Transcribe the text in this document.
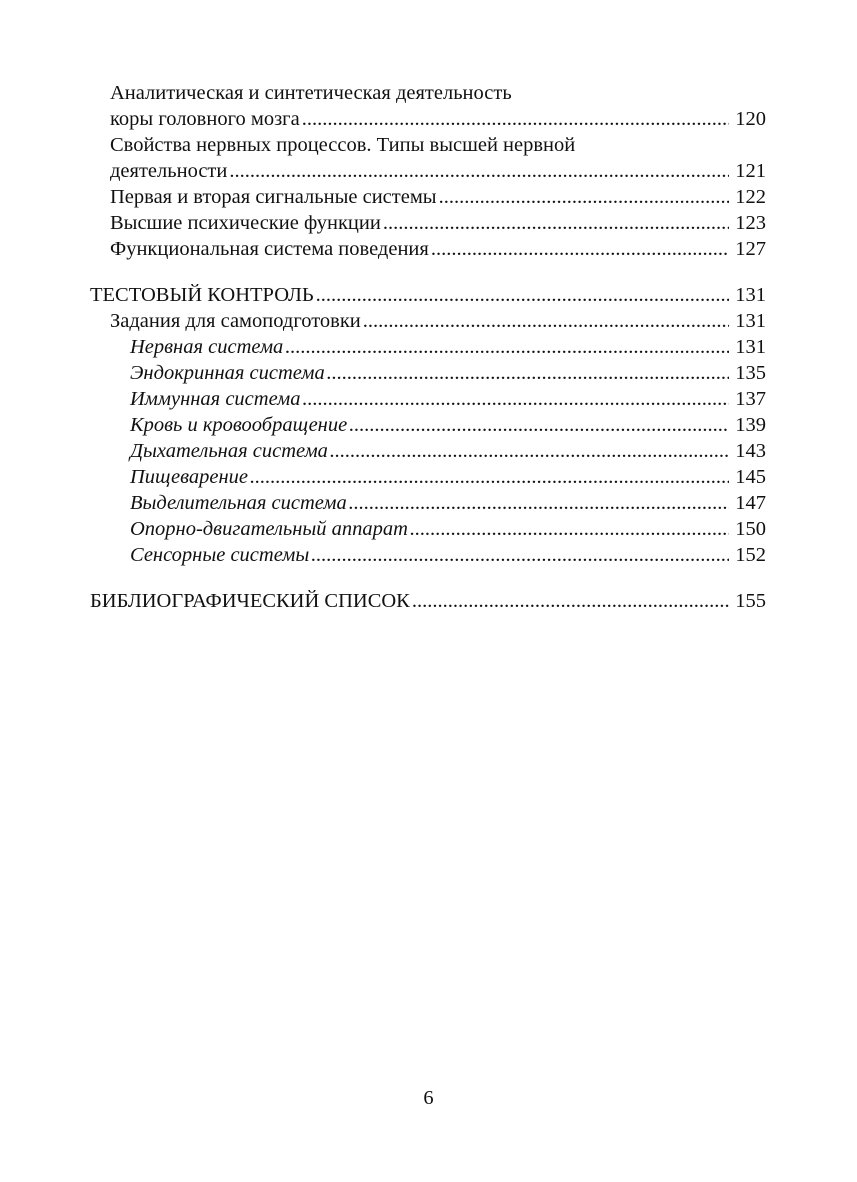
Аналитическая и синтетическая деятельность
коры головного мозга .....	120
Свойства нервных процессов. Типы высшей нервной
деятельности .....	121
Первая и вторая сигнальные системы .....	122
Высшие психические функции .....	123
Функциональная система поведения .....	127
ТЕСТОВЫЙ КОНТРОЛЬ .....	131
Задания для самоподготовки .....	131
Нервная система .....	131
Эндокринная система .....	135
Иммунная система .....	137
Кровь и кровообращение .....	139
Дыхательная система .....	143
Пищеварение .....	145
Выделительная система .....	147
Опорно-двигательный аппарат .....	150
Сенсорные системы .....	152
БИБЛИОГРАФИЧЕСКИЙ СПИСОК .....	155
6
